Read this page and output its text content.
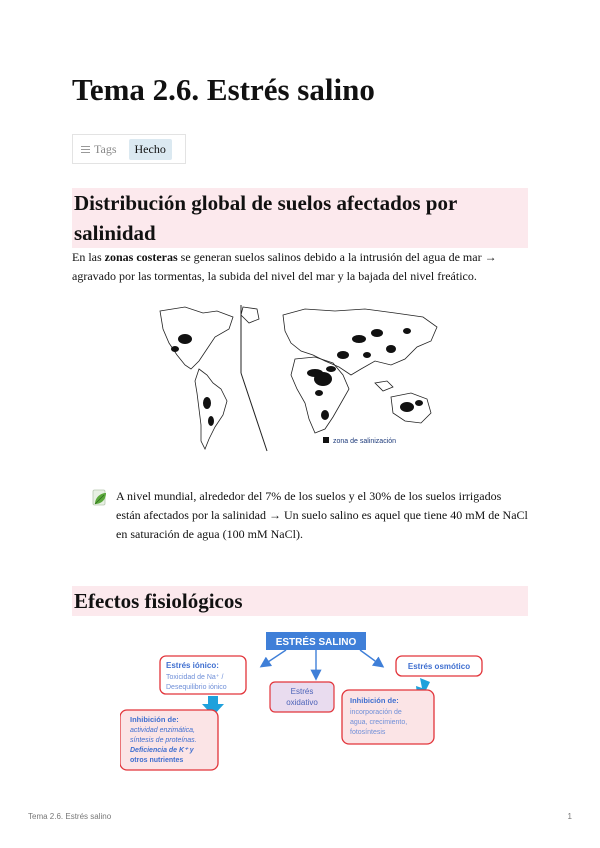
Tema 2.6. Estrés salino
Tags	Hecho
Distribución global de suelos afectados por salinidad

En las zonas costeras se generan suelos salinos debido a la intrusión del agua de mar → agravado por las tormentas, la subida del nivel del mar y la bajada del nivel freático.

zona de salinización

A nivel mundial, alrededor del 7% de los suelos y el 30% de los suelos irrigados están afectados por la salinidad → Un suelo salino es aquel que tiene 40 mM de NaCl en saturación de agua (100 mM NaCl).

Efectos fisiológicos
ESTRÉS SALINO
Estrés iónico:
Toxicidad de Na⁺ /
Desequilibrio iónico	Estrés
oxidativo
Estrés osmótico
Inhibición de:
actividad enzimática,
síntesis de proteínas.
Deficiencia de K⁺ y
otros nutrientes
Inhibición de:
incorporación de
agua, crecimiento,
fotosíntesis
Tema 2.6. Estrés salino	1
